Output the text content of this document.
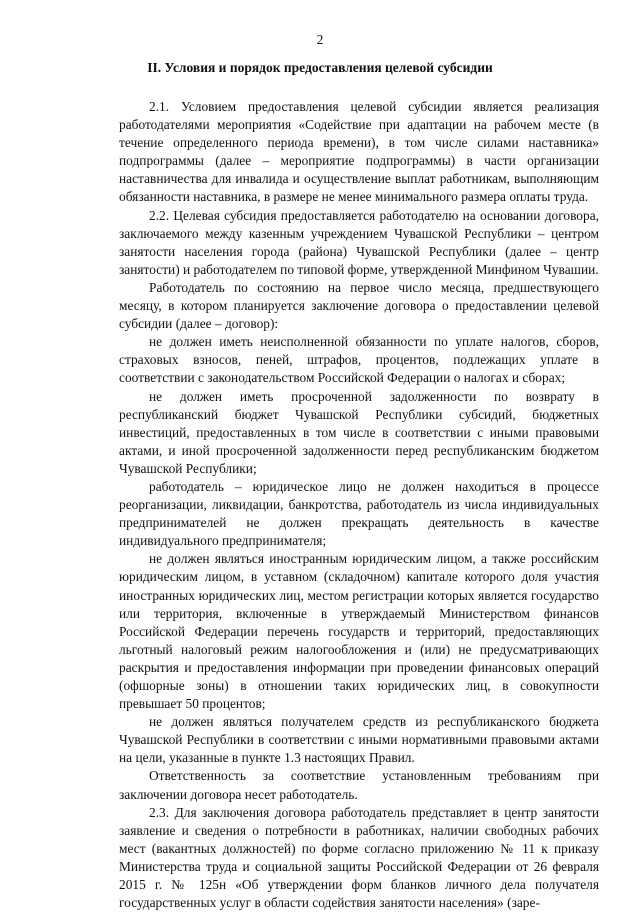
2
II. Условия и порядок предоставления целевой субсидии

2.1. Условием предоставления целевой субсидии является реализация работодателями мероприятия «Содействие при адаптации на рабочем месте (в течение определенного периода времени), в том числе силами наставника» подпрограммы (далее – мероприятие подпрограммы) в части организации наставничества для инвалида и осуществление выплат работникам, выполняющим обязанности наставника, в размере не менее минимального размера оплаты труда.

2.2. Целевая субсидия предоставляется работодателю на основании договора, заключаемого между казенным учреждением Чувашской Республики – центром занятости населения города (района) Чувашской Республики (далее – центр занятости) и работодателем по типовой форме, утвержденной Минфином Чувашии.

Работодатель по состоянию на первое число месяца, предшествующего месяцу, в котором планируется заключение договора о предоставлении целевой субсидии (далее – договор):

не должен иметь неисполненной обязанности по уплате налогов, сборов, страховых взносов, пеней, штрафов, процентов, подлежащих уплате в соответствии с законодательством Российской Федерации о налогах и сборах;

не должен иметь просроченной задолженности по возврату в республиканский бюджет Чувашской Республики субсидий, бюджетных инвестиций, предоставленных в том числе в соответствии с иными правовыми актами, и иной просроченной задолженности перед республиканским бюджетом Чувашской Республики;

работодатель – юридическое лицо не должен находиться в процессе реорганизации, ликвидации, банкротства, работодатель из числа индивидуальных предпринимателей не должен прекращать деятельность в качестве индивидуального предпринимателя;

не должен являться иностранным юридическим лицом, а также российским юридическим лицом, в уставном (складочном) капитале которого доля участия иностранных юридических лиц, местом регистрации которых является государство или территория, включенные в утверждаемый Министерством финансов Российской Федерации перечень государств и территорий, предоставляющих льготный налоговый режим налогообложения и (или) не предусматривающих раскрытия и предоставления информации при проведении финансовых операций (офшорные зоны) в отношении таких юридических лиц, в совокупности превышает 50 процентов;

не должен являться получателем средств из республиканского бюджета Чувашской Республики в соответствии с иными нормативными правовыми актами на цели, указанные в пункте 1.3 настоящих Правил.

Ответственность за соответствие установленным требованиям при заключении договора несет работодатель.

2.3. Для заключения договора работодатель представляет в центр занятости заявление и сведения о потребности в работниках, наличии свободных рабочих мест (вакантных должностей) по форме согласно приложению № 11 к приказу Министерства труда и социальной защиты Российской Федерации от 26 февраля 2015 г. № 125н «Об утверждении форм бланков личного дела получателя государственных услуг в области содействия занятости населения» (заре-
